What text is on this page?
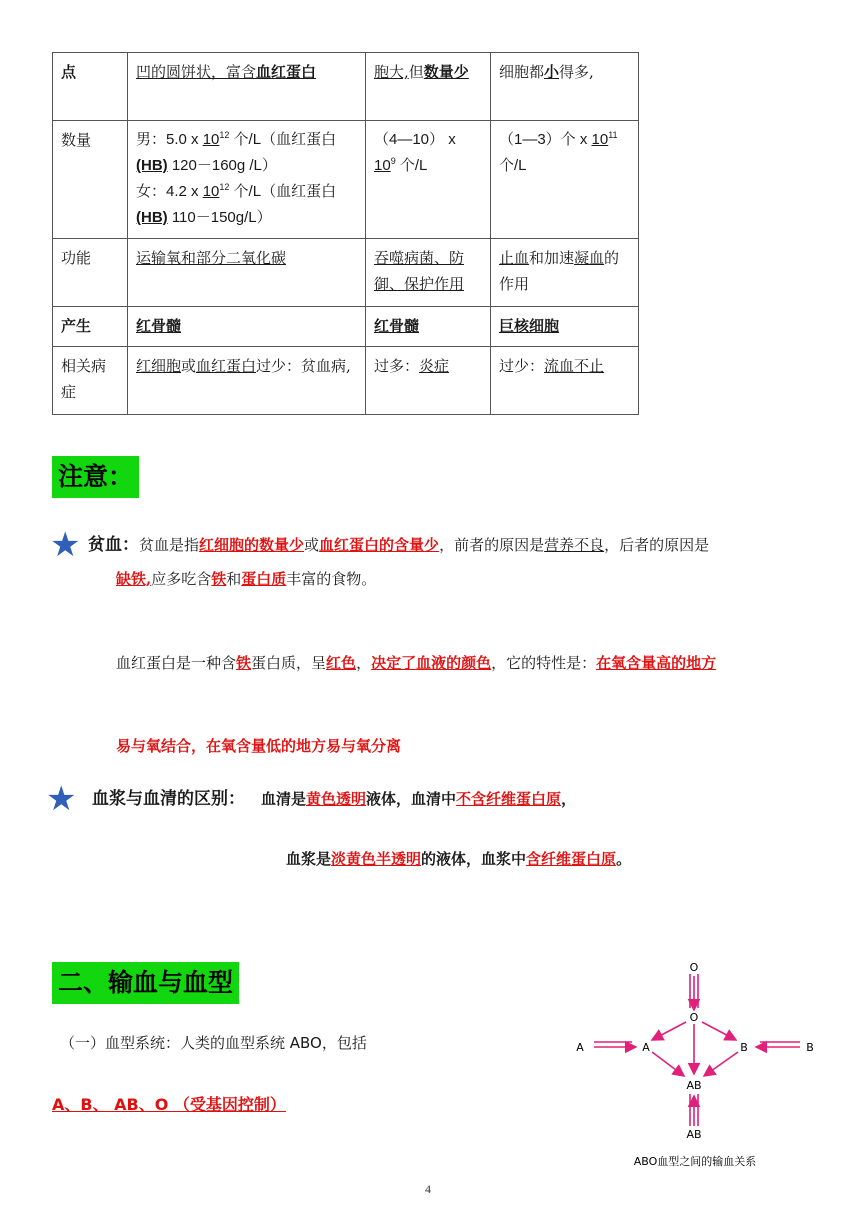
点	凹的圆饼状，富含血红蛋白	胞大,但数量少	细胞都小得多,
数量	男：5.0 x $10^{12}$ 个/L（血红蛋白
(HB) 120－160g /L）
女：4.2 x $10^{12}$ 个/L（血红蛋白
(HB) 110－150g/L）	（4—10） x
$10^9$ 个/L	（1—3）个 x $10^{11}$
个/L
功能	运输氧和部分二氧化碳	吞噬病菌、防御、保护作用	止血和加速凝血的作用
产生	红骨髓	红骨髓	巨核细胞
相关病症	红细胞或血红蛋白过少：贫血病,	过多：炎症	过少：流血不止
注意：
★ 贫血：贫血是指红细胞的数量少或血红蛋白的含量少，前者的原因是营养不良，后者的原因是
缺铁,应多吃含铁和蛋白质丰富的食物。
血红蛋白是一种含铁蛋白质，呈红色，决定了血液的颜色，它的特性是：在氧含量高的地方
易与氧结合，在氧含量低的地方易与氧分离
★ 血浆与血清的区别： 血清是黄色透明液体，血清中不含纤维蛋白原，
血浆是淡黄色半透明的液体，血浆中含纤维蛋白原。
二、输血与血型
（一）血型系统：人类的血型系统 ABO，包括
A、B、 AB、O （受基因控制）
O
O
A	A	B	B
AB
AB
ABO血型之间的输血关系
4
